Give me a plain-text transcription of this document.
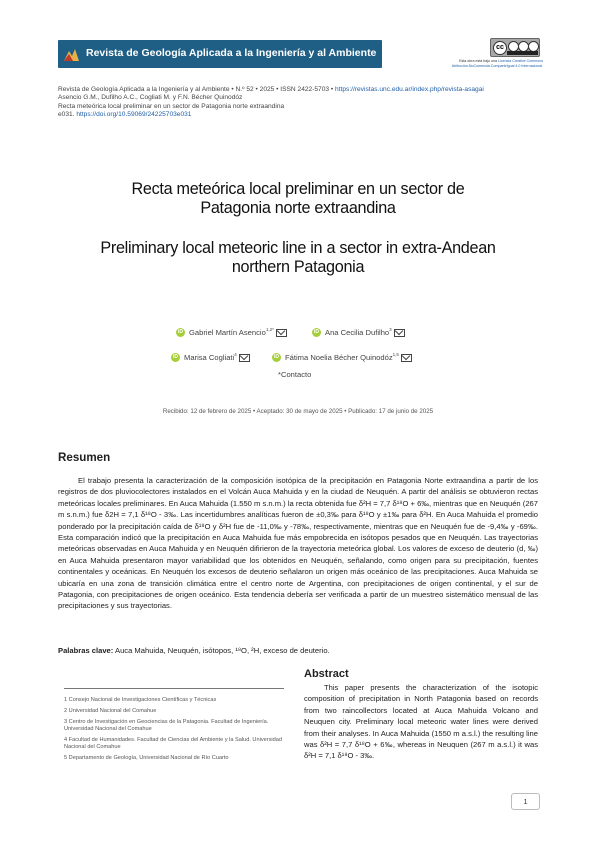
Revista de Geología Aplicada a la Ingeniería y al Ambiente	cc
Esta obra está bajo una Licencia Creative Commons Atribución-NoComercial-CompartirIgual 4.0 Internacional.
Revista de Geología Aplicada a la Ingeniería y al Ambiente • N.º 52 • 2025 • ISSN 2422-5703 • https://revistas.unc.edu.ar/index.php/revista-asagai
Asencio G.M., Dufilho A.C., Cogliati M. y F.N. Bécher Quinodóz
Recta meteórica local preliminar en un sector de Patagonia norte extraandina
e031. https://doi.org/10.59069/24225703e031
Recta meteórica local preliminar en un sector de
Patagonia norte extraandina
Preliminary local meteoric line in a sector in extra-Andean
northern Patagonia
iD Gabriel Martín Asencio$^{1,2*}$	iD Ana Cecilia Dufilho$^3$
iD Marisa Cogliati$^4$	iD Fátima Noelia Bécher Quinodóz$^{1,5}$
*Contacto
Recibido: 12 de febrero de 2025 • Aceptado: 30 de mayo de 2025 • Publicado: 17 de junio de 2025
Resumen
El trabajo presenta la caracterización de la composición isotópica de la precipitación en Patagonia Norte extraandina a partir de los registros de dos pluviocolectores instalados en el Volcán Auca Mahuida y en la ciudad de Neuquén. A partir del análisis se obtuvieron rectas meteóricas locales preliminares. En Auca Mahuida (1.550 m s.n.m.) la recta obtenida fue δ²H = 7,7 δ¹⁸O + 6‰, mientras que en Neuquén (267 m s.n.m.) fue δ2H = 7,1 δ¹⁸O - 3‰. Las incertidumbres analíticas fueron de ±0,3‰ para δ¹⁸O y ±1‰ para δ²H. En Auca Mahuida el promedio ponderado por la precipitación caída de δ¹⁸O y δ²H fue de -11,0‰ y -78‰, respectivamente, mientras que en Neuquén fue de -9,4‰ y -69‰. Esta comparación indicó que la precipitación en Auca Mahuida fue más empobrecida en isótopos pesados que en Neuquén. Las trayectorias meteóricas observadas en Auca Mahuida y en Neuquén difirieron de la trayectoria meteórica global. Los valores de exceso de deuterio (d, ‰) en Auca Mahuida presentaron mayor variabilidad que los obtenidos en Neuquén, señalando, como origen para su precipitación, fuentes continentales y oceánicas. En Neuquén los excesos de deuterio señalaron un origen más oceánico de las precipitaciones. Auca Mahuida se ubicaría en una zona de transición climática entre el centro norte de Argentina, con precipitaciones de origen continental, y el sur de Patagonia, con precipitaciones de origen oceánico. Esta tendencia debería ser verificada a partir de un muestreo sistemático mensual de las precipitaciones y sus trayectorias.
Palabras clave: Auca Mahuida, Neuquén, isótopos, ¹⁸O, ²H, exceso de deuterio.
1 Consejo Nacional de Investigaciones Científicas y Técnicas
2 Universidad Nacional del Comahue
3 Centro de Investigación en Geociencias de la Patagonia. Facultad de Ingeniería. Universidad Nacional del Comahue
4 Facultad de Humanidades. Facultad de Ciencias del Ambiente y la Salud. Universidad Nacional del Comahue
5 Departamento de Geología, Universidad Nacional de Río Cuarto
Abstract
This paper presents the characterization of the isotopic composition of precipitation in North Patagonia based on records from two raincollectors located at Auca Mahuida Volcano and Neuquen city. Preliminary local meteoric water lines were derived from their analyses. In Auca Mahuida (1550 m a.s.l.) the resulting line was δ²H = 7,7 δ¹⁸O + 6‰, whereas in Neuquen (267 m a.s.l.) it was δ²H = 7,1 δ¹⁸O - 3‰.
1
